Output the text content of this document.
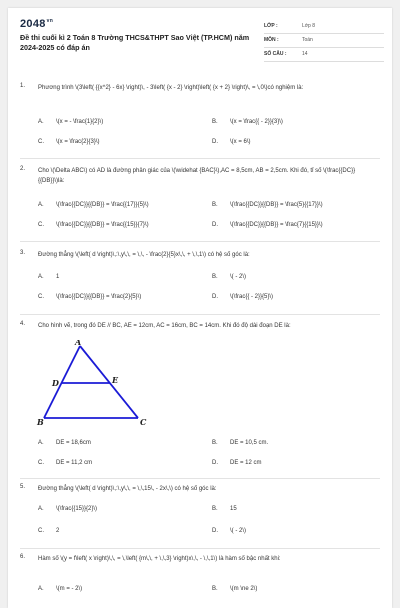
$2048^{vn}$
Đề thi cuối kì 2 Toán 8 Trường THCS&THPT Sao Việt (TP.HCM) năm 2024-2025 có đáp án
LỚP :	Lớp 8
MÔN :	Toán
SỐ CÂU :	14
1. Phương trình \(3\left( {{x^2} - 6x} \right)\, - 3\left( {x - 2} \right)\left( {x + 2} \right)\, = \,0\)có nghiệm là:
A. \(x = - \frac{1}{2}\)	B. \(x = \frac{{ - 2}}{3}\)
C. \(x = \frac{2}{3}\)	D. \(x = 6\)
2. Cho \(\Delta ABC\) có AD là đường phân giác của \(\widehat {BAC}\),AC = 8,5cm, AB = 2,5cm. Khi đó, tỉ số \(\frac{{DC}}{{DB}}\)là:
A. \(\frac{{DC}}{{DB}} = \frac{{17}}{5}\)	B. \(\frac{{DC}}{{DB}} = \frac{5}{{17}}\)
C. \(\frac{{DC}}{{DB}} = \frac{{15}}{7}\)	D. \(\frac{{DC}}{{DB}} = \frac{7}{{15}}\)
3. Đường thẳng \(\left( d \right)\,:\,y\,\, = \,\, - \frac{2}{5}x\,\, + \,\,1\) có hệ số góc là:
A. 1	B. \( - 2\)
C. \(\frac{{DC}}{{DB}} = \frac{2}{5}\)	D. \(\frac{{ - 2}}{5}\)
4. Cho hình vẽ, trong đó DE // BC, AE = 12cm, AC = 16cm, BC = 14cm. Khi đó độ dài đoạn DE là:
A
B	C
D	E
A. DE = 18,6cm	B. DE = 10,5 cm.
C. DE = 11,2 cm	D. DE = 12 cm
5. Đường thẳng \(\left( d \right)\,:\,y\,\, = \,\,15\, - 2x\,\) có hệ số góc là:
A. \(\frac{{15}}{2}\)	B. 15
C. 2	D. \( - 2\)
6. Hàm số \(y = f\left( x \right)\,\, = \,\left( {m\,\, + \,\,3} \right)x\,\, - \,\,1\) là hàm số bậc nhất khi:
A. \(m = - 2\)	B. \(m \ne 2\)
